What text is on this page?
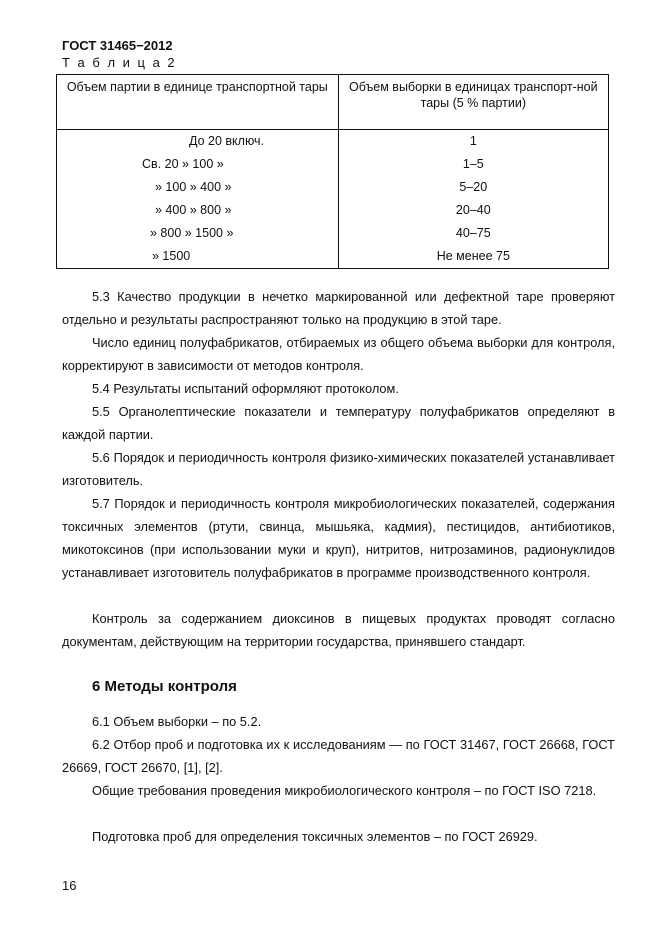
ГОСТ 31465−2012
Т а б л и ц а 2
Объем партии в единице транспортной тары	Объем выборки в единицах транспорт-ной тары (5 % партии)
До 20 включ.	1
Св. 20 » 100 »	1–5
» 100 » 400 »	5–20
» 400 » 800 »	20–40
» 800 » 1500 »	40–75
» 1500	Не менее 75

5.3 Качество продукции в нечетко маркированной или дефектной таре проверяют отдельно и результаты распространяют только на продукцию в этой таре.

Число единиц полуфабрикатов, отбираемых из общего объема выборки для контроля, корректируют в зависимости от методов контроля.

5.4 Результаты испытаний оформляют протоколом.

5.5 Органолептические показатели и температуру полуфабрикатов определяют в каждой партии.

5.6 Порядок и периодичность контроля физико-химических показателей устанавливает изготовитель.

5.7 Порядок и периодичность контроля микробиологических показателей, содержания токсичных элементов (ртути, свинца, мышьяка, кадмия), пестицидов, антибиотиков, микотоксинов (при использовании муки и круп), нитритов, нитрозаминов, радионуклидов устанавливает изготовитель полуфабрикатов в программе производственного контроля.

Контроль за содержанием диоксинов в пищевых продуктах проводят согласно документам, действующим на территории государства, принявшего стандарт.

6 Методы контроля

6.1 Объем выборки – по 5.2.

6.2 Отбор проб и подготовка их к исследованиям — по ГОСТ 31467, ГОСТ 26668, ГОСТ 26669, ГОСТ 26670, [1], [2].

Общие требования проведения микробиологического контроля – по ГОСТ ISO 7218.

Подготовка проб для определения токсичных элементов – по ГОСТ 26929.

16
